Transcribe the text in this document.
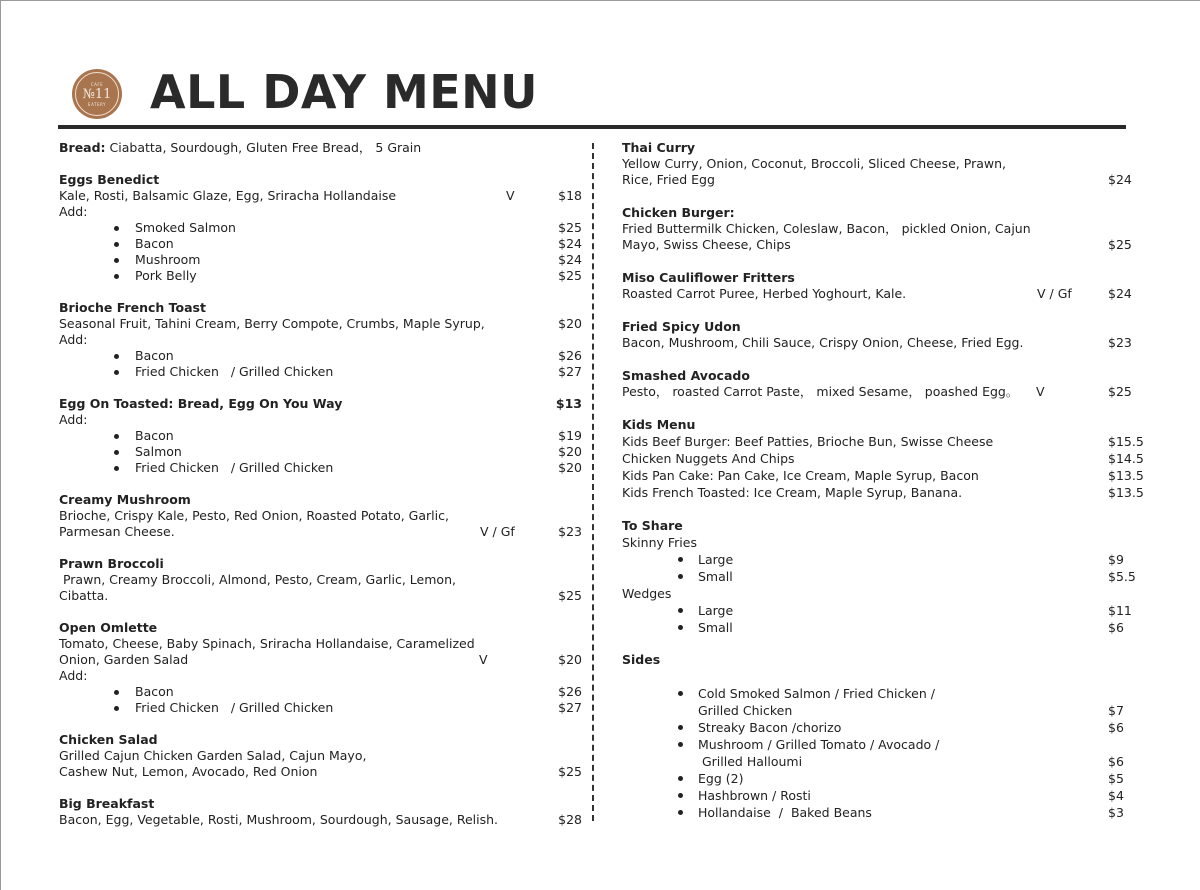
CAFE
№11
EATERY ALL DAY MENU
Bread: Ciabatta, Sourdough, Gluten Free Bread， 5 Grain
Eggs Benedict
Kale, Rosti, Balsamic Glaze, Egg, Sriracha Hollandaise	V	$18
Add:
Smoked Salmon	$25
Bacon	$24
Mushroom	$24
Pork Belly	$25
Brioche French Toast
Seasonal Fruit, Tahini Cream, Berry Compote, Crumbs, Maple Syrup,	$20
Add:
Bacon	$26
Fried Chicken   / Grilled Chicken	$27
Egg On Toasted: Bread, Egg On You Way	$13
Add:
Bacon	$19
Salmon	$20
Fried Chicken   / Grilled Chicken	$20
Creamy Mushroom
Brioche, Crispy Kale, Pesto, Red Onion, Roasted Potato, Garlic,
Parmesan Cheese.	V / Gf	$23
Prawn Broccoli
Prawn, Creamy Broccoli, Almond, Pesto, Cream, Garlic, Lemon,
Cibatta.	$25
Open Omlette
Tomato, Cheese, Baby Spinach, Sriracha Hollandaise, Caramelized
Onion, Garden Salad	V	$20
Add:
Bacon	$26
Fried Chicken   / Grilled Chicken	$27
Chicken Salad
Grilled Cajun Chicken Garden Salad, Cajun Mayo,
Cashew Nut, Lemon, Avocado, Red Onion	$25
Big Breakfast
Bacon, Egg, Vegetable, Rosti, Mushroom, Sourdough, Sausage, Relish.	$28
Thai Curry
Yellow Curry, Onion, Coconut, Broccoli, Sliced Cheese, Prawn,
Rice, Fried Egg	$24
Chicken Burger:
Fried Buttermilk Chicken, Coleslaw, Bacon， pickled Onion, Cajun
Mayo, Swiss Cheese, Chips	$25
Miso Cauliflower Fritters
Roasted Carrot Puree, Herbed Yoghourt, Kale.	V / Gf	$24
Fried Spicy Udon
Bacon, Mushroom, Chili Sauce, Crispy Onion, Cheese, Fried Egg.	$23
Smashed Avocado
Pesto， roasted Carrot Paste， mixed Sesame， poashed Egg。 V	$25
Kids Menu
Kids Beef Burger: Beef Patties, Brioche Bun, Swisse Cheese	$15.5
Chicken Nuggets And Chips	$14.5
Kids Pan Cake: Pan Cake, Ice Cream, Maple Syrup, Bacon	$13.5
Kids French Toasted: Ice Cream, Maple Syrup, Banana.	$13.5
To Share
Skinny Fries
Large	$9
Small	$5.5
Wedges
Large	$11
Small	$6
Sides
Cold Smoked Salmon / Fried Chicken /
Grilled Chicken	$7
Streaky Bacon /chorizo	$6
Mushroom / Grilled Tomato / Avocado /
Grilled Halloumi	$6
Egg (2)	$5
Hashbrown / Rosti	$4
Hollandaise  /  Baked Beans	$3
